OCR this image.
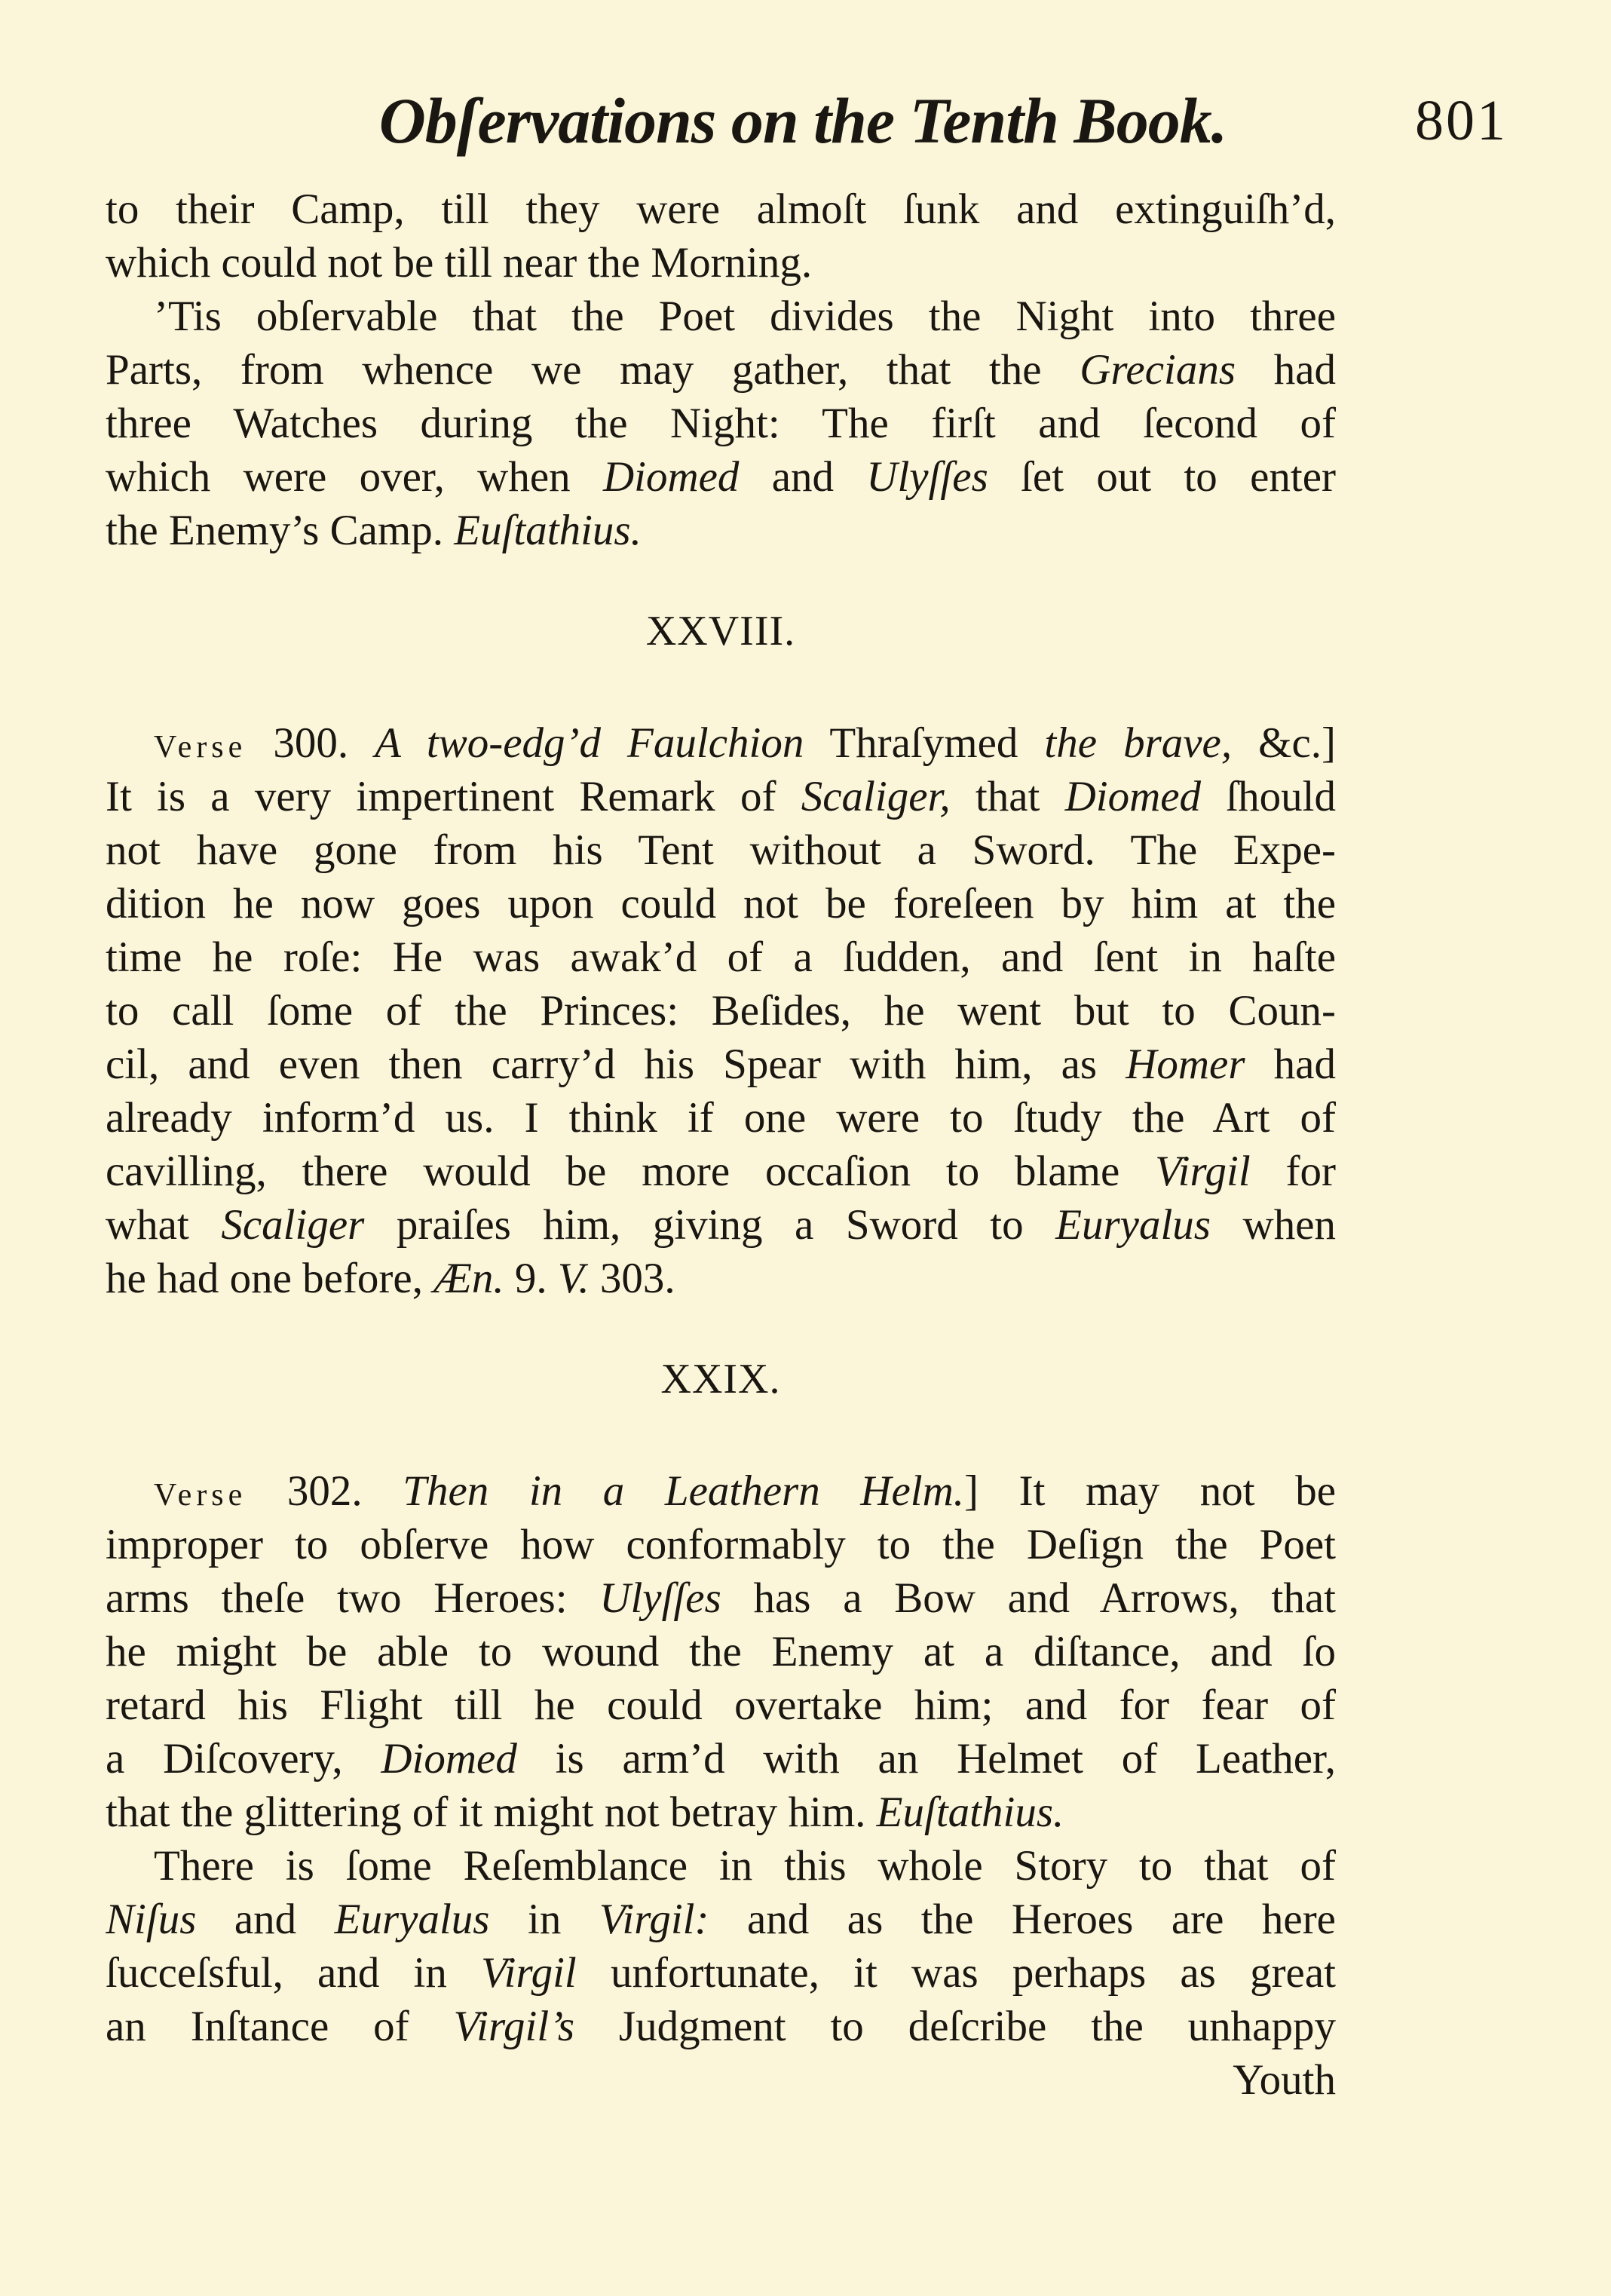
Obſervations on the Tenth Book.	801
to their Camp, till they were almoſt ſunk and extinguiſh’d,
which could not be till near the Morning.
’Tis obſervable that the Poet divides the Night into three
Parts, from whence we may gather, that the Grecians had
three Watches during the Night: The firſt and ſecond of
which were over, when Diomed and Ulyſſes ſet out to enter
the Enemy’s Camp. Euſtathius.
XXVIII.
Verse 300. A two-edg’d Faulchion Thraſymed the brave, &c.]
It is a very impertinent Remark of Scaliger, that Diomed ſhould
not have gone from his Tent without a Sword. The Expe-
dition he now goes upon could not be foreſeen by him at the
time he roſe: He was awak’d of a ſudden, and ſent in haſte
to call ſome of the Princes: Beſides, he went but to Coun-
cil, and even then carry’d his Spear with him, as Homer had
already inform’d us. I think if one were to ſtudy the Art of
cavilling, there would be more occaſion to blame Virgil for
what Scaliger praiſes him, giving a Sword to Euryalus when
he had one before, Æn. 9. V. 303.
XXIX.
Verse 302. Then in a Leathern Helm.] It may not be
improper to obſerve how conformably to the Deſign the Poet
arms theſe two Heroes: Ulyſſes has a Bow and Arrows, that
he might be able to wound the Enemy at a diſtance, and ſo
retard his Flight till he could overtake him; and for fear of
a Diſcovery, Diomed is arm’d with an Helmet of Leather,
that the glittering of it might not betray him. Euſtathius.
There is ſome Reſemblance in this whole Story to that of
Niſus and Euryalus in Virgil: and as the Heroes are here
ſucceſsful, and in Virgil unfortunate, it was perhaps as great
an Inſtance of Virgil’s Judgment to deſcribe the unhappy
Youth
